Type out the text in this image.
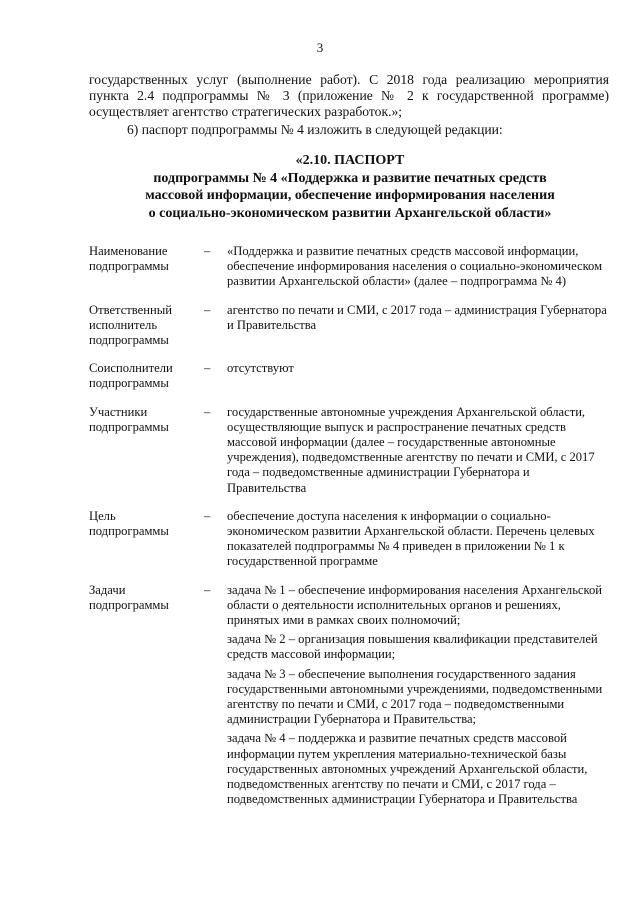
3

государственных услуг (выполнение работ). С 2018 года реализацию мероприятия пункта 2.4 подпрограммы № 3 (приложение № 2 к государственной программе) осуществляет агентство стратегических разработок.»;

6) паспорт подпрограммы № 4 изложить в следующей редакции:

«2.10. ПАСПОРТ
подпрограммы № 4 «Поддержка и развитие печатных средств
массовой информации, обеспечение информирования населения
о социально-экономическом развитии Архангельской области»
Наименование
подпрограммы
–	«Поддержка и развитие печатных средств массовой информации, обеспечение информирования населения о социально-экономическом развитии Архангельской области» (далее – подпрограмма № 4)
Ответственный
исполнитель
подпрограммы
–	агентство по печати и СМИ, с 2017 года – администрация Губернатора и Правительства
Соисполнители
подпрограммы
–	отсутствуют
Участники
подпрограммы
–	государственные автономные учреждения Архангельской области, осуществляющие выпуск и распространение печатных средств массовой информации (далее – государственные автономные учреждения), подведомственные агентству по печати и СМИ, с 2017 года – подведомственные администрации Губернатора и Правительства
Цель
подпрограммы
–	обеспечение доступа населения к информации о социально-экономическом развитии Архангельской области. Перечень целевых показателей подпрограммы № 4 приведен в приложении № 1 к государственной программе
Задачи
подпрограммы
–	задача № 1 – обеспечение информирования населения Архангельской области о деятельности исполнительных органов и решениях, принятых ими в рамках своих полномочий;

задача № 2 – организация повышения квалификации представителей средств массовой информации;

задача № 3 – обеспечение выполнения государственного задания государственными автономными учреждениями, подведомственными агентству по печати и СМИ, с 2017 года – подведомственными администрации Губернатора и Правительства;

задача № 4 – поддержка и развитие печатных средств массовой информации путем укрепления материально-технической базы государственных автономных учреждений Архангельской области, подведомственных агентству по печати и СМИ, с 2017 года – подведомственных администрации Губернатора и Правительства
